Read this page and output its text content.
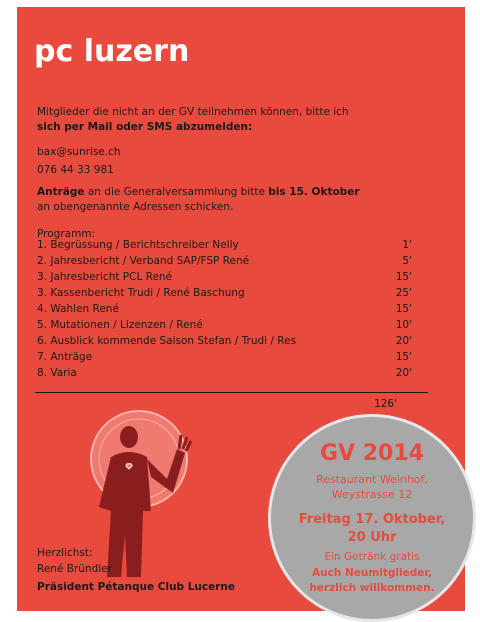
pc luzern
Mitglieder die nicht an der GV teilnehmen können, bitte ich
sich per Mail oder SMS abzumelden:
bax@sunrise.ch
076 44 33 981
Anträge an die Generalversammlung bitte bis 15. Oktober
an obengenannte Adressen schicken.
Programm:
1. Begrüssung / Berichtschreiber Nelly	1'
2. Jahresbericht / Verband SAP/FSP René	5'
3. Jahresbericht PCL René	15'
3. Kassenbericht Trudi / René Baschung	25'
4. Wahlen René	15'
5. Mutationen / Lizenzen / René	10'
6. Ausblick kommende Saison Stefan / Trudi / Res	20'
7. Anträge	15'
8. Varia	20'
126'
Herzlichst:
René Bründler
Präsident Pétanque Club Lucerne
GV 2014
Restaurant Weinhof,
Weystrasse 12
Freitag 17. Oktober,
20 Uhr
Ein Getränk gratis
Auch Neumitglieder,
herzlich willkommen.
